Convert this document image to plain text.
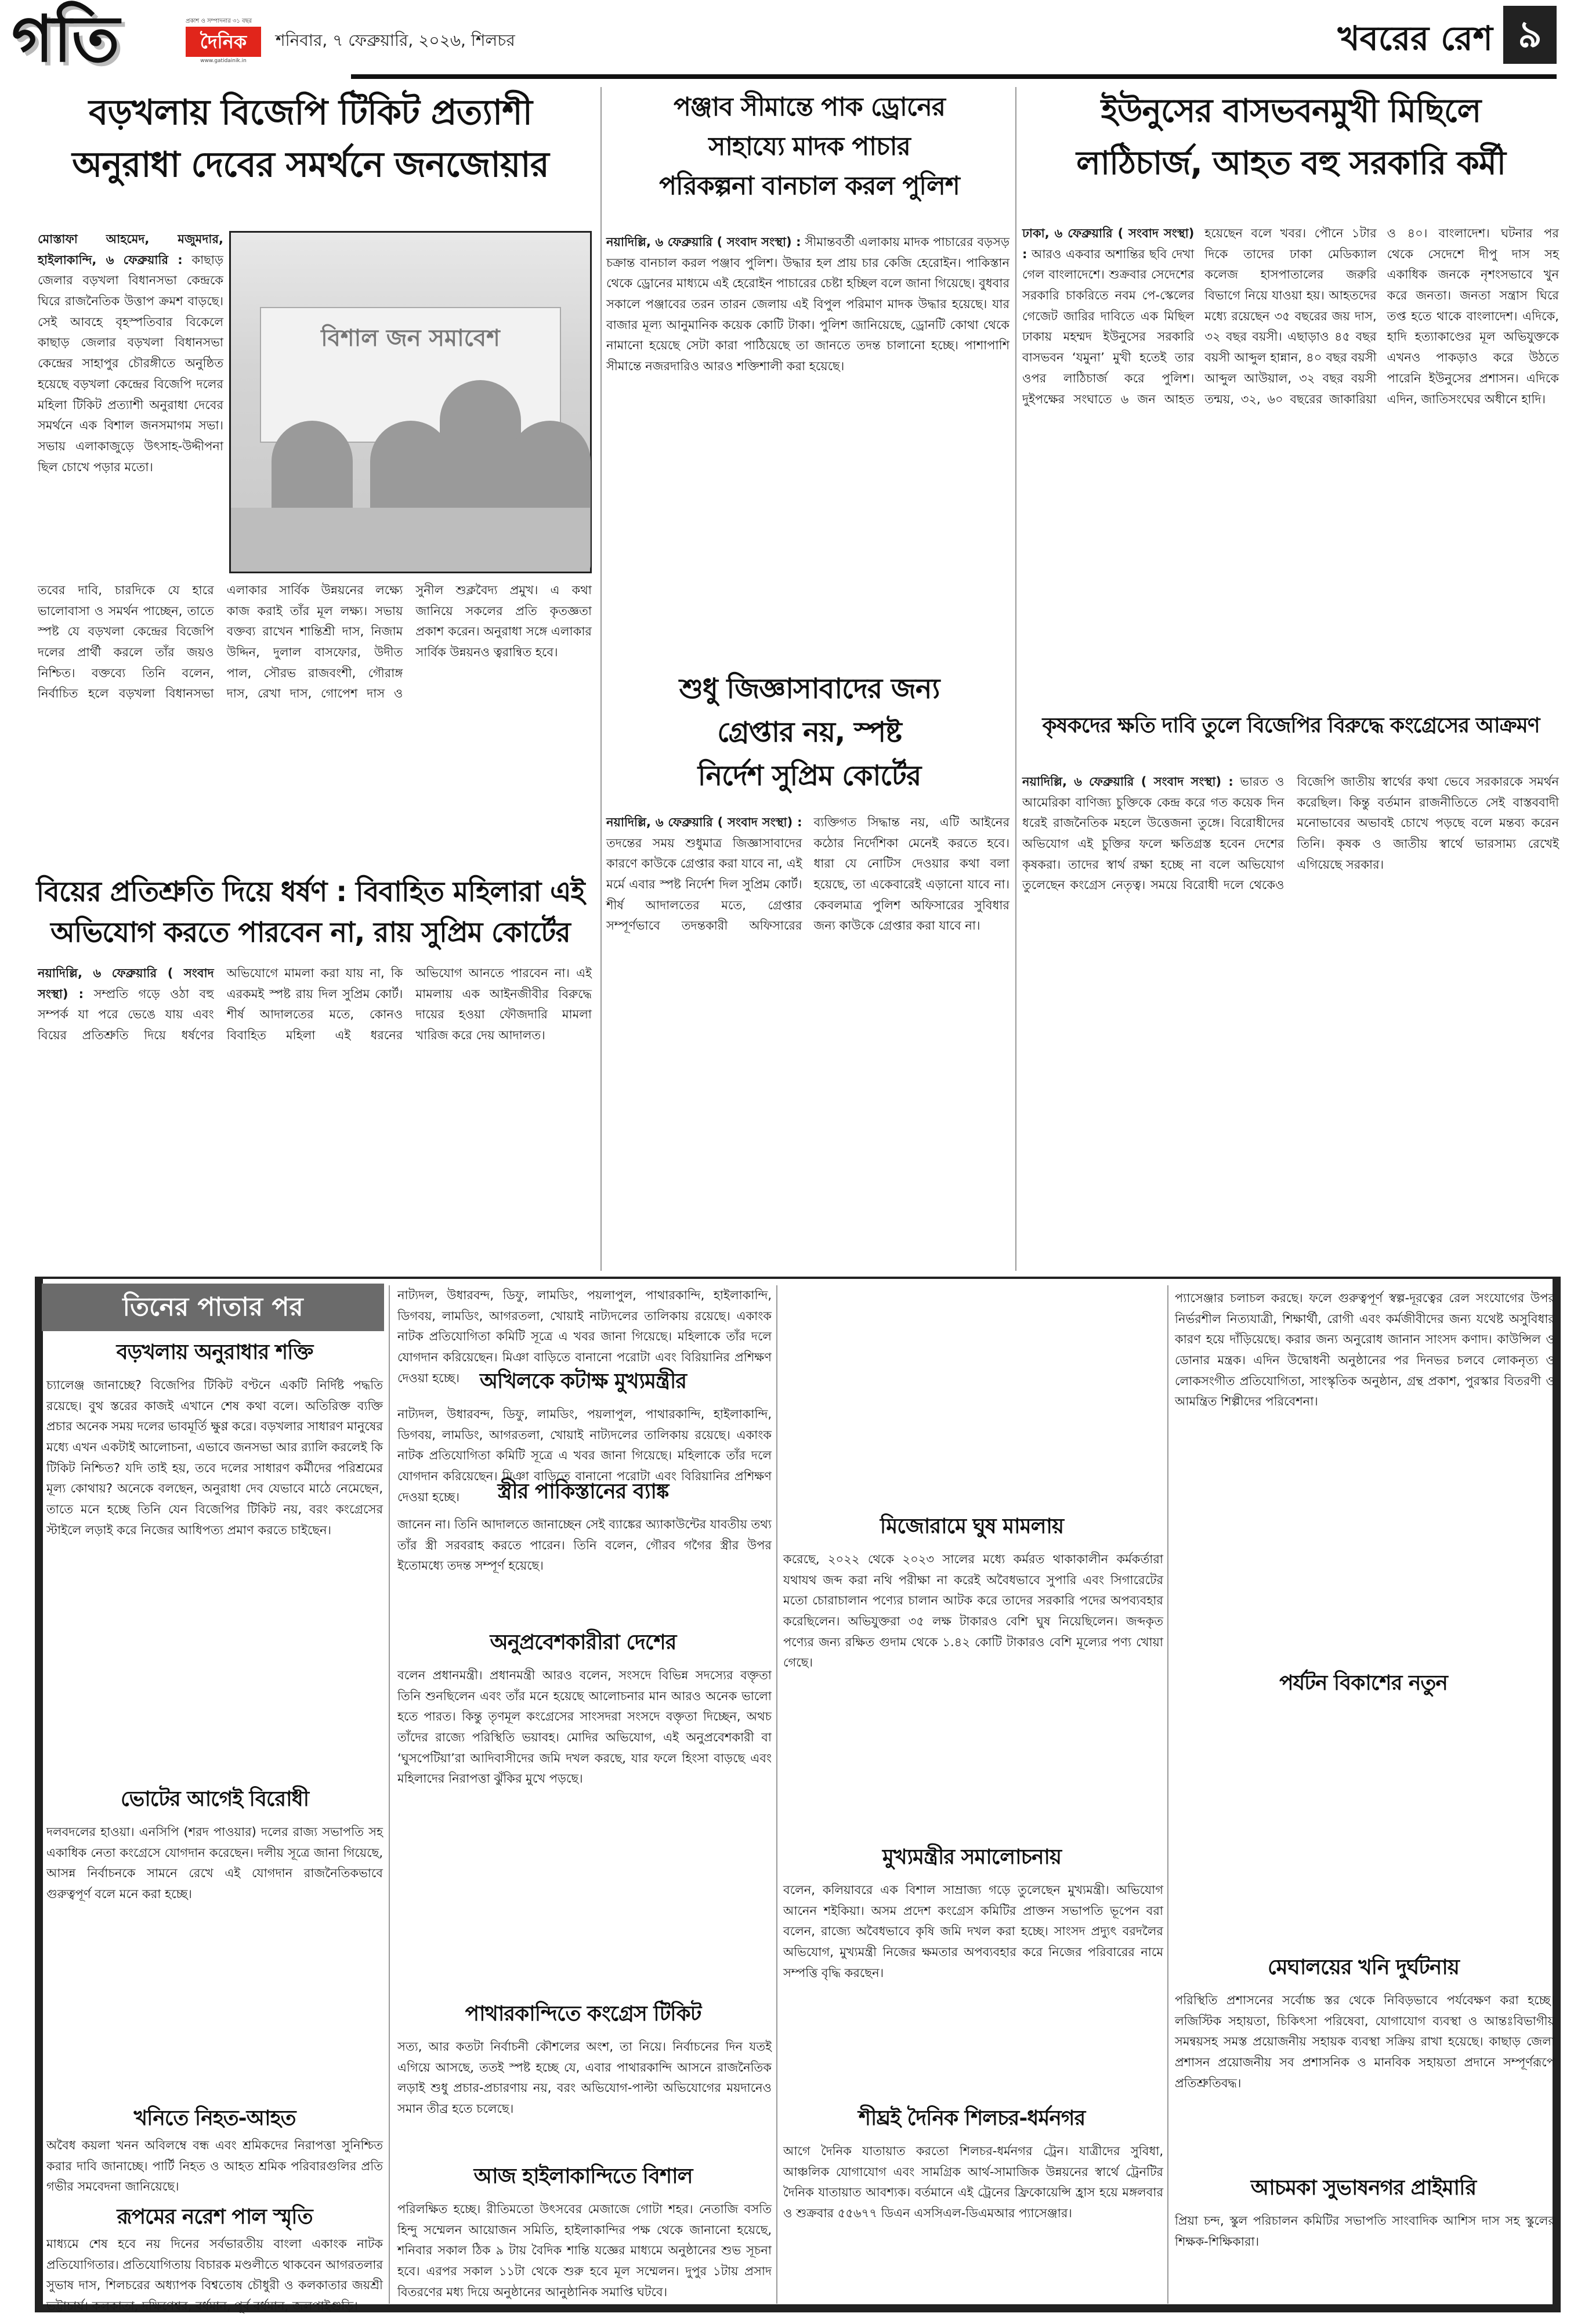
গতি	প্রকাশ ও সম্পাদনার ৩১ বছর
দৈনিক
www.gatidainik.in
শনিবার, ৭ ফেব্রুয়ারি, ২০২৬, শিলচর	খবরের রেশ ৯
বড়খলায় বিজেপি টিকিট প্রত্যাশী
অনুরাধা দেবের সমর্থনে জনজোয়ার
মোস্তাফা আহমেদ, মজুমদার, হাইলাকান্দি, ৬ ফেব্রুয়ারি : কাছাড় জেলার বড়খলা বিধানসভা কেন্দ্রকে ঘিরে রাজনৈতিক উত্তাপ ক্রমশ বাড়ছে। সেই আবহে বৃহস্পতিবার বিকেলে কাছাড় জেলার বড়খলা বিধানসভা কেন্দ্রের সাহাপুর চৌরঙ্গীতে অনুষ্ঠিত হয়েছে বড়খলা কেন্দ্রের বিজেপি দলের মহিলা টিকিট প্রত্যাশী অনুরাধা দেবের সমর্থনে এক বিশাল জনসমাগম সভা। সভায় এলাকাজুড়ে উৎসাহ-উদ্দীপনা ছিল চোখে পড়ার মতো।
বিশাল জন সমাবেশ
তবের দাবি, চারদিকে যে হারে ভালোবাসা ও সমর্থন পাচ্ছেন, তাতে স্পষ্ট যে বড়খলা কেন্দ্রের বিজেপি দলের প্রার্থী করলে তাঁর জয়ও নিশ্চিত। বক্তব্যে তিনি বলেন, নির্বাচিত হলে বড়খলা বিধানসভা এলাকার সার্বিক উন্নয়নের লক্ষ্যে কাজ করাই তাঁর মূল লক্ষ্য। সভায় বক্তব্য রাখেন শান্তিশ্রী দাস, নিজাম উদ্দিন, দুলাল বাসফোর, উদীত পাল, সৌরভ রাজবংশী, গৌরাঙ্গ দাস, রেখা দাস, গোপেশ দাস ও সুনীল শুক্লবৈদ্য প্রমুখ। এ কথা জানিয়ে সকলের প্রতি কৃতজ্ঞতা প্রকাশ করেন। অনুরাধা সঙ্গে এলাকার সার্বিক উন্নয়নও ত্বরান্বিত হবে।
বিয়ের প্রতিশ্রুতি দিয়ে ধর্ষণ : বিবাহিত মহিলারা এই
অভিযোগ করতে পারবেন না, রায় সুপ্রিম কোর্টের
নয়াদিল্লি, ৬ ফেব্রুয়ারি ( সংবাদ সংস্থা) : সম্প্রতি গড়ে ওঠা বহু সম্পর্ক যা পরে ভেঙে যায় এবং বিয়ের প্রতিশ্রুতি দিয়ে ধর্ষণের অভিযোগে মামলা করা যায় না, কি এরকমই স্পষ্ট রায় দিল সুপ্রিম কোর্ট। শীর্ষ আদালতের মতে, কোনও বিবাহিত মহিলা এই ধরনের অভিযোগ আনতে পারবেন না। এই মামলায় এক আইনজীবীর বিরুদ্ধে দায়ের হওয়া ফৌজদারি মামলা খারিজ করে দেয় আদালত।
পঞ্জাব সীমান্তে পাক ড্রোনের
সাহায্যে মাদক পাচার
পরিকল্পনা বানচাল করল পুলিশ
নয়াদিল্লি, ৬ ফেব্রুয়ারি ( সংবাদ সংস্থা) : সীমান্তবর্তী এলাকায় মাদক পাচারের বড়সড় চক্রান্ত বানচাল করল পঞ্জাব পুলিশ। উদ্ধার হল প্রায় চার কেজি হেরোইন। পাকিস্তান থেকে ড্রোনের মাধ্যমে এই হেরোইন পাচারের চেষ্টা হচ্ছিল বলে জানা গিয়েছে। বুধবার সকালে পঞ্জাবের তরন তারন জেলায় এই বিপুল পরিমাণ মাদক উদ্ধার হয়েছে। যার বাজার মূল্য আনুমানিক কয়েক কোটি টাকা। পুলিশ জানিয়েছে, ড্রোনটি কোথা থেকে নামানো হয়েছে সেটা কারা পাঠিয়েছে তা জানতে তদন্ত চালানো হচ্ছে। পাশাপাশি সীমান্তে নজরদারিও আরও শক্তিশালী করা হয়েছে।
শুধু জিজ্ঞাসাবাদের জন্য
গ্রেপ্তার নয়, স্পষ্ট
নির্দেশ সুপ্রিম কোর্টের
নয়াদিল্লি, ৬ ফেব্রুয়ারি ( সংবাদ সংস্থা) : তদন্তের সময় শুধুমাত্র জিজ্ঞাসাবাদের কারণে কাউকে গ্রেপ্তার করা যাবে না, এই মর্মে এবার স্পষ্ট নির্দেশ দিল সুপ্রিম কোর্ট। শীর্ষ আদালতের মতে, গ্রেপ্তার সম্পূর্ণভাবে তদন্তকারী অফিসারের ব্যক্তিগত সিদ্ধান্ত নয়, এটি আইনের কঠোর নির্দেশিকা মেনেই করতে হবে। ধারা যে নোটিস দেওয়ার কথা বলা হয়েছে, তা একেবারেই এড়ানো যাবে না। কেবলমাত্র পুলিশ অফিসারের সুবিধার জন্য কাউকে গ্রেপ্তার করা যাবে না।
ইউনুসের বাসভবনমুখী মিছিলে
লাঠিচার্জ, আহত বহু সরকারি কর্মী
ঢাকা, ৬ ফেব্রুয়ারি ( সংবাদ সংস্থা) : আরও একবার অশান্তির ছবি দেখা গেল বাংলাদেশে। শুক্রবার সেদেশের সরকারি চাকরিতে নবম পে-স্কেলের গেজেট জারির দাবিতে এক মিছিল ঢাকায় মহম্মদ ইউনুসের সরকারি বাসভবন ‘যমুনা’ মুখী হতেই তার ওপর লাঠিচার্জ করে পুলিশ। দুইপক্ষের সংঘাতে ৬ জন আহত হয়েছেন বলে খবর। পৌনে ১টার দিকে তাদের ঢাকা মেডিক্যাল কলেজ হাসপাতালের জরুরি বিভাগে নিয়ে যাওয়া হয়। আহতদের মধ্যে রয়েছেন ৩৫ বছরের জয় দাস, ৩২ বছর বয়সী। এছাড়াও ৪৫ বছর বয়সী আব্দুল হান্নান, ৪০ বছর বয়সী আব্দুল আউয়াল, ৩২ বছর বয়সী তন্ময়, ৩২, ৬০ বছরের জাকারিয়া ও ৪০। বাংলাদেশ। ঘটনার পর থেকে সেদেশে দীপু দাস সহ একাধিক জনকে নৃশংসভাবে খুন করে জনতা। জনতা সন্ত্রাস ঘিরে তপ্ত হতে থাকে বাংলাদেশ। এদিকে, হাদি হত্যাকাণ্ডের মূল অভিযুক্তকে এখনও পাকড়াও করে উঠতে পারেনি ইউনুসের প্রশাসন। এদিকে এদিন, জাতিসংঘের অধীনে হাদি।
কৃষকদের ক্ষতি দাবি তুলে বিজেপির বিরুদ্ধে কংগ্রেসের আক্রমণ
নয়াদিল্লি, ৬ ফেব্রুয়ারি ( সংবাদ সংস্থা) : ভারত ও আমেরিকা বাণিজ্য চুক্তিকে কেন্দ্র করে গত কয়েক দিন ধরেই রাজনৈতিক মহলে উত্তেজনা তুঙ্গে। বিরোধীদের অভিযোগ এই চুক্তির ফলে ক্ষতিগ্রস্ত হবেন দেশের কৃষকরা। তাদের স্বার্থ রক্ষা হচ্ছে না বলে অভিযোগ তুলেছেন কংগ্রেস নেতৃত্ব। সময়ে বিরোধী দলে থেকেও বিজেপি জাতীয় স্বার্থের কথা ভেবে সরকারকে সমর্থন করেছিল। কিন্তু বর্তমান রাজনীতিতে সেই বাস্তববাদী মনোভাবের অভাবই চোখে পড়ছে বলে মন্তব্য করেন তিনি। কৃষক ও জাতীয় স্বার্থে ভারসাম্য রেখেই এগিয়েছে সরকার।
তিনের পাতার পর
বড়খলায় অনুরাধার শক্তি
চ্যালেঞ্জ জানাচ্ছে? বিজেপির টিকিট বণ্টনে একটি নির্দিষ্ট পদ্ধতি রয়েছে। বুথ স্তরের কাজই এখানে শেষ কথা বলে। অতিরিক্ত ব্যক্তি প্রচার অনেক সময় দলের ভাবমূর্তি ক্ষুণ্ণ করে। বড়খলার সাধারণ মানুষের মধ্যে এখন একটাই আলোচনা, এভাবে জনসভা আর র‍্যালি করলেই কি টিকিট নিশ্চিত? যদি তাই হয়, তবে দলের সাধারণ কর্মীদের পরিশ্রমের মূল্য কোথায়? অনেকে বলছেন, অনুরাধা দেব যেভাবে মাঠে নেমেছেন, তাতে মনে হচ্ছে তিনি যেন বিজেপির টিকিট নয়, বরং কংগ্রেসের স্টাইলে লড়াই করে নিজের আধিপত্য প্রমাণ করতে চাইছেন।
ভোটের আগেই বিরোধী
দলবদলের হাওয়া। এনসিপি (শরদ পাওয়ার) দলের রাজ্য সভাপতি সহ একাধিক নেতা কংগ্রেসে যোগদান করেছেন। দলীয় সূত্রে জানা গিয়েছে, আসন্ন নির্বাচনকে সামনে রেখে এই যোগদান রাজনৈতিকভাবে গুরুত্বপূর্ণ বলে মনে করা হচ্ছে।
খনিতে নিহত-আহত
অবৈধ কয়লা খনন অবিলম্বে বন্ধ এবং শ্রমিকদের নিরাপত্তা সুনিশ্চিত করার দাবি জানাচ্ছে। পার্টি নিহত ও আহত শ্রমিক পরিবারগুলির প্রতি গভীর সমবেদনা জানিয়েছে।
রূপমের নরেশ পাল স্মৃতি
মাধ্যমে শেষ হবে নয় দিনের সর্বভারতীয় বাংলা একাংক নাটক প্রতিযোগিতার। প্রতিযোগিতায় বিচারক মণ্ডলীতে থাকবেন আগরতলার সুভাষ দাস, শিলচরের অধ্যাপক বিশ্বতোষ চৌধুরী ও কলকাতার জয়শ্রী ভট্টাচার্য। কলকাতা, দক্ষিণেশ্বর, বর্ধমান, পূর্ব বর্ধমান, জলপাইগুড়ি।
নাট্যদল, উধারবন্দ, ডিফু, লামডিং, পয়লাপুল, পাথারকান্দি, হাইলাকান্দি, ডিগবয়, লামডিং, আগরতলা, খোয়াই নাট্যদলের তালিকায় রয়েছে। একাংক নাটক প্রতিযোগিতা কমিটি সূত্রে এ খবর জানা গিয়েছে। মহিলাকে তাঁর দলে যোগদান করিয়েছেন। মিঞা বাড়িতে বানানো পরোটা এবং বিরিয়ানির প্রশিক্ষণ দেওয়া হচ্ছে। অখিলকে কটাক্ষ মুখ্যমন্ত্রীর
নাট্যদল, উধারবন্দ, ডিফু, লামডিং, পয়লাপুল, পাথারকান্দি, হাইলাকান্দি, ডিগবয়, লামডিং, আগরতলা, খোয়াই নাট্যদলের তালিকায় রয়েছে। একাংক নাটক প্রতিযোগিতা কমিটি সূত্রে এ খবর জানা গিয়েছে। মহিলাকে তাঁর দলে যোগদান করিয়েছেন। মিঞা বাড়িতে বানানো পরোটা এবং বিরিয়ানির প্রশিক্ষণ দেওয়া হচ্ছে।	স্ত্রীর পাকিস্তানের ব্যাঙ্ক
জানেন না। তিনি আদালতে জানাচ্ছেন সেই ব্যাঙ্কের অ্যাকাউন্টের যাবতীয় তথ্য তাঁর স্ত্রী সরবরাহ করতে পারেন। তিনি বলেন, গৌরব গগৈর স্ত্রীর উপর ইতোমধ্যে তদন্ত সম্পূর্ণ হয়েছে।
অনুপ্রবেশকারীরা দেশের
বলেন প্রধানমন্ত্রী। প্রধানমন্ত্রী আরও বলেন, সংসদে বিভিন্ন সদস্যের বক্তৃতা তিনি শুনছিলেন এবং তাঁর মনে হয়েছে আলোচনার মান আরও অনেক ভালো হতে পারত। কিন্তু তৃণমূল কংগ্রেসের সাংসদরা সংসদে বক্তৃতা দিচ্ছেন, অথচ তাঁদের রাজ্যে পরিস্থিতি ভয়াবহ। মোদির অভিযোগ, এই অনুপ্রবেশকারী বা ‘ঘুসপেটিয়া’রা আদিবাসীদের জমি দখল করছে, যার ফলে হিংসা বাড়ছে এবং মহিলাদের নিরাপত্তা ঝুঁকির মুখে পড়ছে।
পাথারকান্দিতে কংগ্রেস টিকিট
সত্য, আর কতটা নির্বাচনী কৌশলের অংশ, তা নিয়ে। নির্বাচনের দিন যতই এগিয়ে আসছে, ততই স্পষ্ট হচ্ছে যে, এবার পাথারকান্দি আসনে রাজনৈতিক লড়াই শুধু প্রচার-প্রচারণায় নয়, বরং অভিযোগ-পাল্টা অভিযোগের ময়দানেও সমান তীব্র হতে চলেছে।
আজ হাইলাকান্দিতে বিশাল
পরিলক্ষিত হচ্ছে। রীতিমতো উৎসবের মেজাজে গোটা শহর। নেতাজি বসতি হিন্দু সম্মেলন আয়োজন সমিতি, হাইলাকান্দির পক্ষ থেকে জানানো হয়েছে, শনিবার সকাল ঠিক ৯ টায় বৈদিক শান্তি যজ্ঞের মাধ্যমে অনুষ্ঠানের শুভ সূচনা হবে। এরপর সকাল ১১টা থেকে শুরু হবে মূল সম্মেলন। দুপুর ১টায় প্রসাদ বিতরণের মধ্য দিয়ে অনুষ্ঠানের আনুষ্ঠানিক সমাপ্তি ঘটবে।
মিজোরামে ঘুষ মামলায়
করেছে, ২০২২ থেকে ২০২৩ সালের মধ্যে কর্মরত থাকাকালীন কর্মকর্তারা যথাযথ জব্দ করা নথি পরীক্ষা না করেই অবৈধভাবে সুপারি এবং সিগারেটের মতো চোরাচালান পণ্যের চালান আটক করে তাদের সরকারি পদের অপব্যবহার করেছিলেন। অভিযুক্তরা ৩৫ লক্ষ টাকারও বেশি ঘুষ নিয়েছিলেন। জব্দকৃত পণ্যের জন্য রক্ষিত গুদাম থেকে ১.৪২ কোটি টাকারও বেশি মূল্যের পণ্য খোয়া গেছে।
মুখ্যমন্ত্রীর সমালোচনায়
বলেন, কলিয়াবরে এক বিশাল সাম্রাজ্য গড়ে তুলেছেন মুখ্যমন্ত্রী। অভিযোগ আনেন শইকিয়া। অসম প্রদেশ কংগ্রেস কমিটির প্রাক্তন সভাপতি ভূপেন বরা বলেন, রাজ্যে অবৈধভাবে কৃষি জমি দখল করা হচ্ছে। সাংসদ প্রদ্যুৎ বরদলৈর অভিযোগ, মুখ্যমন্ত্রী নিজের ক্ষমতার অপব্যবহার করে নিজের পরিবারের নামে সম্পত্তি বৃদ্ধি করছেন।
শীঘ্রই দৈনিক শিলচর-ধর্মনগর
আগে দৈনিক যাতায়াত করতো শিলচর-ধর্মনগর ট্রেন। যাত্রীদের সুবিধা, আঞ্চলিক যোগাযোগ এবং সামগ্রিক আর্থ-সামাজিক উন্নয়নের স্বার্থে ট্রেনটির দৈনিক যাতায়াত আবশ্যক। বর্তমানে এই ট্রেনের ফ্রিকোয়েন্সি হ্রাস হয়ে মঙ্গলবার ও শুক্রবার ৫৫৬৭৭ ডিএন এসসিএল-ডিএমআর প্যাসেঞ্জার।
প্যাসেঞ্জার চলাচল করছে। ফলে গুরুত্বপূর্ণ স্বল্প-দূরত্বের রেল সংযোগের উপর নির্ভরশীল নিত্যযাত্রী, শিক্ষার্থী, রোগী এবং কর্মজীবীদের জন্য যথেষ্ট অসুবিধার কারণ হয়ে দাঁড়িয়েছে। করার জন্য অনুরোধ জানান সাংসদ কণাদ। কাউন্সিল ও ডোনার মন্ত্রক। এদিন উদ্বোধনী অনুষ্ঠানের পর দিনভর চলবে লোকনৃত্য ও লোকসংগীত প্রতিযোগিতা, সাংস্কৃতিক অনুষ্ঠান, গ্রন্থ প্রকাশ, পুরস্কার বিতরণী ও আমন্ত্রিত শিল্পীদের পরিবেশনা।
পর্যটন বিকাশের নতুন
মেঘালয়ের খনি দুর্ঘটনায়
পরিস্থিতি প্রশাসনের সর্বোচ্চ স্তর থেকে নিবিড়ভাবে পর্যবেক্ষণ করা হচ্ছে। লজিস্টিক সহায়তা, চিকিৎসা পরিষেবা, যোগাযোগ ব্যবস্থা ও আন্তঃবিভাগীয় সমন্বয়সহ সমস্ত প্রয়োজনীয় সহায়ক ব্যবস্থা সক্রিয় রাখা হয়েছে। কাছাড় জেলা প্রশাসন প্রয়োজনীয় সব প্রশাসনিক ও মানবিক সহায়তা প্রদানে সম্পূর্ণরূপে প্রতিশ্রুতিবদ্ধ।
আচমকা সুভাষনগর প্রাইমারি
প্রিয়া চন্দ, স্কুল পরিচালন কমিটির সভাপতি সাংবাদিক আশিস দাস সহ স্কুলের শিক্ষক-শিক্ষিকারা।
